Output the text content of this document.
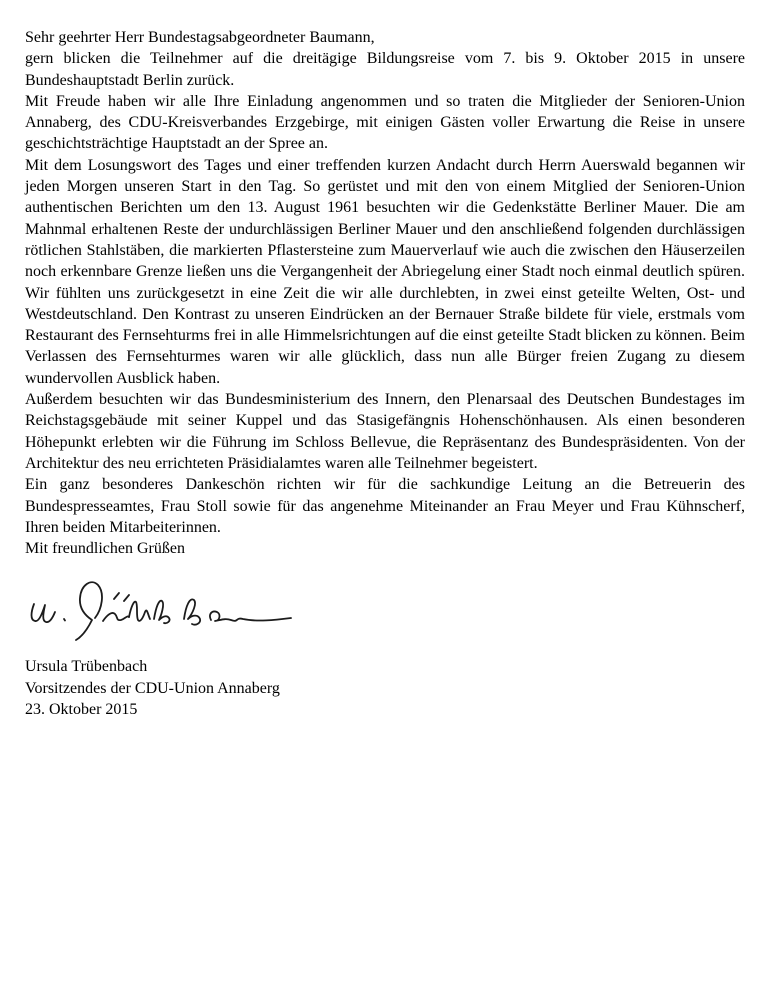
Sehr geehrter Herr Bundestagsabgeordneter Baumann,

gern blicken die Teilnehmer auf die dreitägige Bildungsreise vom 7. bis 9. Oktober 2015 in unsere Bundeshauptstadt Berlin zurück.

Mit Freude haben wir alle Ihre Einladung angenommen und so traten die Mitglieder der Senioren-Union Annaberg, des CDU-Kreisverbandes Erzgebirge, mit einigen Gästen voller Erwartung die Reise in unsere geschichtsträchtige Hauptstadt an der Spree an.

Mit dem Losungswort des Tages und einer treffenden kurzen Andacht durch Herrn Auerswald begannen wir jeden Morgen unseren Start in den Tag. So gerüstet und mit den von einem Mitglied der Senioren-Union authentischen Berichten um den 13. August 1961 besuchten wir die Gedenkstätte Berliner Mauer. Die am Mahnmal erhaltenen Reste der undurchlässigen Berliner Mauer und den anschließend folgenden durchlässigen rötlichen Stahlstäben, die markierten Pflastersteine zum Mauerverlauf wie auch die zwischen den Häuserzeilen noch erkennbare Grenze ließen uns die Vergangenheit der Abriegelung einer Stadt noch einmal deutlich spüren. Wir fühlten uns zurückgesetzt in eine Zeit die wir alle durchlebten, in zwei einst geteilte Welten, Ost- und Westdeutschland. Den Kontrast zu unseren Eindrücken an der Bernauer Straße bildete für viele, erstmals vom Restaurant des Fernsehturms frei in alle Himmelsrichtungen auf die einst geteilte Stadt blicken zu können. Beim Verlassen des Fernsehturmes waren wir alle glücklich, dass nun alle Bürger freien Zugang zu diesem wundervollen Ausblick haben.

Außerdem besuchten wir das Bundesministerium des Innern, den Plenarsaal des Deutschen Bundestages im Reichstagsgebäude mit seiner Kuppel und das Stasigefängnis Hohenschönhausen. Als einen besonderen Höhepunkt erlebten wir die Führung im Schloss Bellevue, die Repräsentanz des Bundespräsidenten. Von der Architektur des neu errichteten Präsidialamtes waren alle Teilnehmer begeistert.

Ein ganz besonderes Dankeschön richten wir für die sachkundige Leitung an die Betreuerin des Bundespresseamtes, Frau Stoll sowie für das angenehme Miteinander an Frau Meyer und Frau Kühnscherf, Ihren beiden Mitarbeiterinnen.

Mit freundlichen Grüßen

Ursula Trübenbach

Vorsitzendes der CDU-Union Annaberg

23. Oktober 2015
